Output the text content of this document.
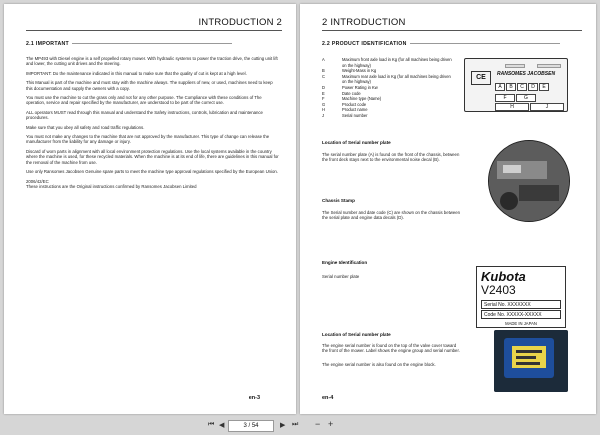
INTRODUCTION 2
2.1 IMPORTANT

The MP493 with Diesel engine is a self propelled rotary mower. With hydraulic systems to power the traction drive, the cutting unit lift and lower, the cutting unit drives and the steering.

IMPORTANT: Do the maintenance indicated in this manual to make sure that the quality of cut is kept at a high level.

This Manual is part of the machine and must stay with the machine always. The suppliers of new, or used, machines need to keep this documentation and supply the owners with a copy.

You must use the machine to cut the grass only and not for any other purpose. The Compliance with these conditions of The operation, service and repair specified by the manufacturer, are understood to be part of the correct use.

ALL operators MUST read through this manual and understand the Safety instructions, controls, lubrication and maintenance procedures.

Make sure that you obey all safety and road traffic regulations.

You must not make any changes to the machine that are not approved by the manufacturer. This type of change can release the manufacturer from the liability for any damage or injury.

Discard of worn parts in alignment with all local environment protection regulations. Use the local systems available in the country where the machine is used, for these recycled materials. When the machine is at its end of life, there are guidelines in this manual for the removal of the machine from use.

Use only Ransomes Jacobsen Genuine spare parts to meet the machine type approval regulations specified by the European Union.

2006/42/EC
These instructions are the Original instructions confirmed by Ransomes Jacobsen Limited
en-3
2 INTRODUCTION
2.2 PRODUCT IDENTIFICATION
A	Maximum front axle load in Kg (for all machines being driven on the highway)
B	Weight-Mass in Kg
C	Maximum rear axle load in Kg (for all machines being driven on the highway)
D	Power Rating in Kw
E	Date code
F	Machine type (Name)
G	Product code
H	Product name
J	Serial number
CE	RANSOMES JACOBSEN
A	B	C	D	E
F	G
H	J
Location of Serial number plate
The serial number plate (A) is found on the front of the chassis, between the front deck stays next to the environmental noise decal (B).
Chassis Stamp
The Serial number and date code (C) are shown on the chassis between the serial plate and engine data decals (D).
Engine Identification
Serial number plate	Kubota
V2403
Serial No. XXXXXXX
Code No. XXXXX-XXXXX
MADE IN JAPAN
Location of Serial number plate
The engine serial number is found on the top of the valve cover toward the front of the mower. Label shows the engine group and serial number.
The engine serial number is also found on the engine block.
en-4
⏮ ◀	3 / 54	▶ ⏭ − +
